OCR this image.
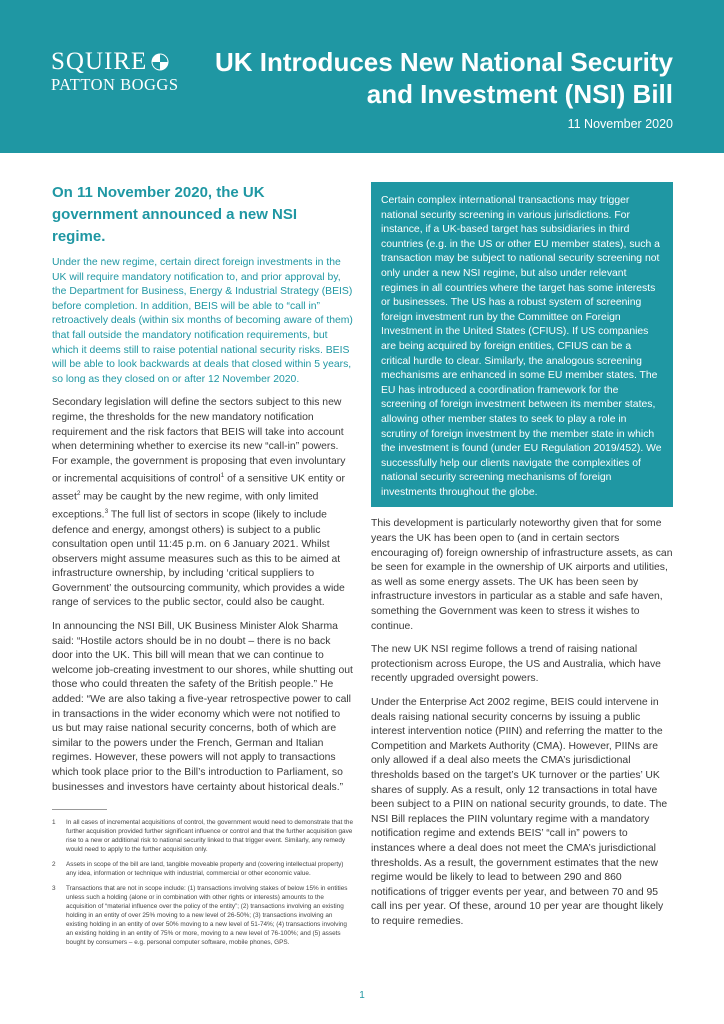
SQUIRE
PATTON BOGGS
UK Introduces New National Security and Investment (NSI) Bill
11 November 2020
On 11 November 2020, the UK government announced a new NSI regime.

Under the new regime, certain direct foreign investments in the UK will require mandatory notification to, and prior approval by, the Department for Business, Energy & Industrial Strategy (BEIS) before completion. In addition, BEIS will be able to “call in” retroactively deals (within six months of becoming aware of them) that fall outside the mandatory notification requirements, but which it deems still to raise potential national security risks. BEIS will be able to look backwards at deals that closed within 5 years, so long as they closed on or after 12 November 2020.

Secondary legislation will define the sectors subject to this new regime, the thresholds for the new mandatory notification requirement and the risk factors that BEIS will take into account when determining whether to exercise its new “call-in” powers. For example, the government is proposing that even involuntary or incremental acquisitions of control$^1$ of a sensitive UK entity or asset$^2$ may be caught by the new regime, with only limited exceptions.$^3$ The full list of sectors in scope (likely to include defence and energy, amongst others) is subject to a public consultation open until 11:45 p.m. on 6 January 2021. Whilst observers might assume measures such as this to be aimed at infrastructure ownership, by including ‘critical suppliers to Government’ the outsourcing community, which provides a wide range of services to the public sector, could also be caught.

In announcing the NSI Bill, UK Business Minister Alok Sharma said: “Hostile actors should be in no doubt – there is no back door into the UK. This bill will mean that we can continue to welcome job-creating investment to our shores, while shutting out those who could threaten the safety of the British people.” He added: “We are also taking a five-year retrospective power to call in transactions in the wider economy which were not notified to us but may raise national security concerns, both of which are similar to the powers under the French, German and Italian regimes. However, these powers will not apply to transactions which took place prior to the Bill’s introduction to Parliament, so businesses and investors have certainty about historical deals.”

1	In all cases of incremental acquisitions of control, the government would need to demonstrate that the further acquisition provided further significant influence or control and that the further acquisition gave rise to a new or additional risk to national security linked to that trigger event. Similarly, any remedy would need to apply to the further acquisition only.
2	Assets in scope of the bill are land, tangible moveable property and (covering intellectual property) any idea, information or technique with industrial, commercial or other economic value.
3	Transactions that are not in scope include: (1) transactions involving stakes of below 15% in entities unless such a holding (alone or in combination with other rights or interests) amounts to the acquisition of “material influence over the policy of the entity”; (2) transactions involving an existing holding in an entity of over 25% moving to a new level of 26-50%; (3) transactions involving an existing holding in an entity of over 50% moving to a new level of 51-74%; (4) transactions involving an existing holding in an entity of 75% or more, moving to a new level of 76-100%; and (5) assets bought by consumers – e.g. personal computer software, mobile phones, GPS.

Certain complex international transactions may trigger national security screening in various jurisdictions. For instance, if a UK-based target has subsidiaries in third countries (e.g. in the US or other EU member states), such a transaction may be subject to national security screening not only under a new NSI regime, but also under relevant regimes in all countries where the target has some interests or businesses. The US has a robust system of screening foreign investment run by the Committee on Foreign Investment in the United States (CFIUS). If US companies are being acquired by foreign entities, CFIUS can be a critical hurdle to clear. Similarly, the analogous screening mechanisms are enhanced in some EU member states. The EU has introduced a coordination framework for the screening of foreign investment between its member states, allowing other member states to seek to play a role in scrutiny of foreign investment by the member state in which the investment is found (under EU Regulation 2019/452). We successfully help our clients navigate the complexities of national security screening mechanisms of foreign investments throughout the globe.

This development is particularly noteworthy given that for some years the UK has been open to (and in certain sectors encouraging of) foreign ownership of infrastructure assets, as can be seen for example in the ownership of UK airports and utilities, as well as some energy assets. The UK has been seen by infrastructure investors in particular as a stable and safe haven, something the Government was keen to stress it wishes to continue.

The new UK NSI regime follows a trend of raising national protectionism across Europe, the US and Australia, which have recently upgraded oversight powers.

Under the Enterprise Act 2002 regime, BEIS could intervene in deals raising national security concerns by issuing a public interest intervention notice (PIIN) and referring the matter to the Competition and Markets Authority (CMA). However, PIINs are only allowed if a deal also meets the CMA’s jurisdictional thresholds based on the target’s UK turnover or the parties’ UK shares of supply. As a result, only 12 transactions in total have been subject to a PIIN on national security grounds, to date. The NSI Bill replaces the PIIN voluntary regime with a mandatory notification regime and extends BEIS’ “call in” powers to instances where a deal does not meet the CMA’s jurisdictional thresholds. As a result, the government estimates that the new regime would be likely to lead to between 290 and 860 notifications of trigger events per year, and between 70 and 95 call ins per year. Of these, around 10 per year are thought likely to require remedies.

1
